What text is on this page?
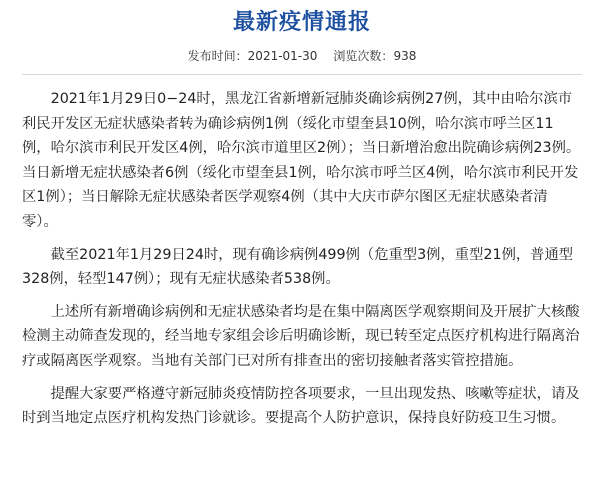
最新疫情通报
发布时间：2021-01-30 浏览次数：938

2021年1月29日0−24时，黑龙江省新增新冠肺炎确诊病例27例，其中由哈尔滨市利民开发区无症状感染者转为确诊病例1例（绥化市望奎县10例，哈尔滨市呼兰区11例，哈尔滨市利民开发区4例，哈尔滨市道里区2例）；当日新增治愈出院确诊病例23例。当日新增无症状感染者6例（绥化市望奎县1例，哈尔滨市呼兰区4例，哈尔滨市利民开发区1例）；当日解除无症状感染者医学观察4例（其中大庆市萨尔图区无症状感染者清零）。

截至2021年1月29日24时，现有确诊病例499例（危重型3例，重型21例，普通型328例，轻型147例）；现有无症状感染者538例。

上述所有新增确诊病例和无症状感染者均是在集中隔离医学观察期间及开展扩大核酸检测主动筛查发现的，经当地专家组会诊后明确诊断，现已转至定点医疗机构进行隔离治疗或隔离医学观察。当地有关部门已对所有排查出的密切接触者落实管控措施。

提醒大家要严格遵守新冠肺炎疫情防控各项要求，一旦出现发热、咳嗽等症状，请及时到当地定点医疗机构发热门诊就诊。要提高个人防护意识，保持良好防疫卫生习惯。
